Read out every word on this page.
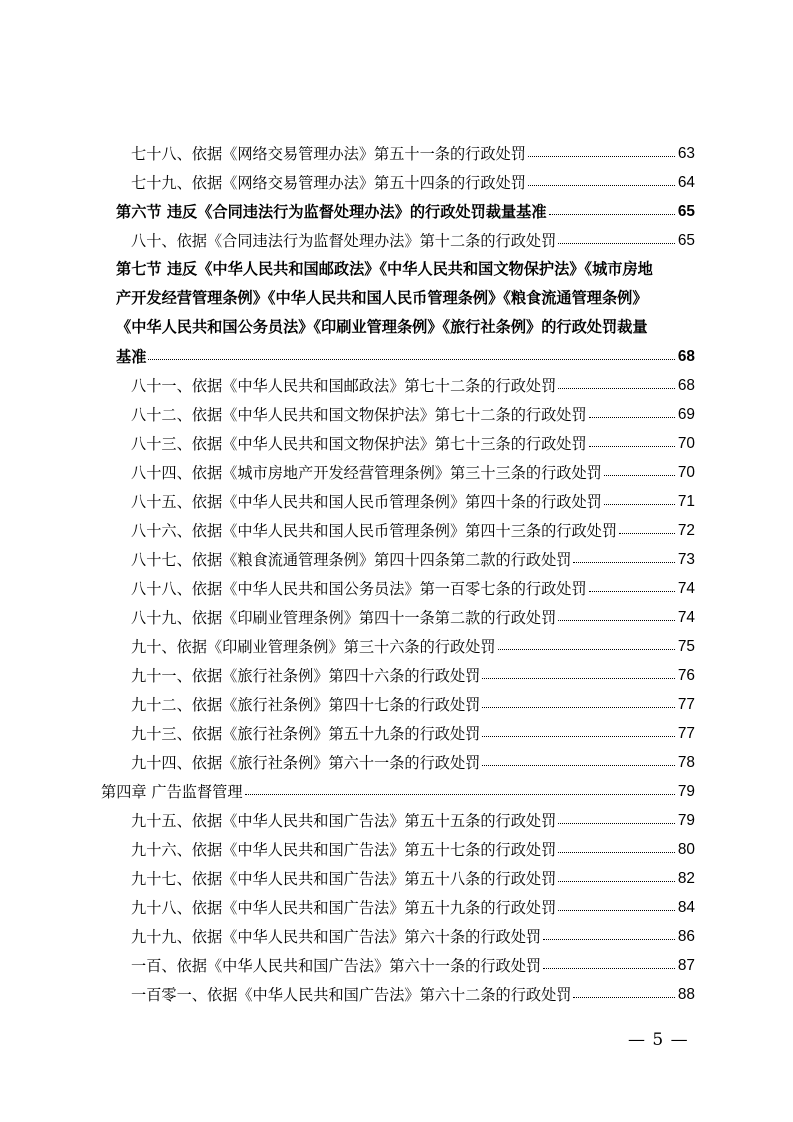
七十八、依据《网络交易管理办法》第五十一条的行政处罚	63
七十九、依据《网络交易管理办法》第五十四条的行政处罚	64
第六节 违反《合同违法行为监督处理办法》的行政处罚裁量基准	65
八十、依据《合同违法行为监督处理办法》第十二条的行政处罚	65
第七节 违反《中华人民共和国邮政法》《中华人民共和国文物保护法》《城市房地
产开发经营管理条例》《中华人民共和国人民币管理条例》《粮食流通管理条例》
《中华人民共和国公务员法》《印刷业管理条例》《旅行社条例》的行政处罚裁量
基准	68
八十一、依据《中华人民共和国邮政法》第七十二条的行政处罚	68
八十二、依据《中华人民共和国文物保护法》第七十二条的行政处罚	69
八十三、依据《中华人民共和国文物保护法》第七十三条的行政处罚	70
八十四、依据《城市房地产开发经营管理条例》第三十三条的行政处罚	70
八十五、依据《中华人民共和国人民币管理条例》第四十条的行政处罚	71
八十六、依据《中华人民共和国人民币管理条例》第四十三条的行政处罚	72
八十七、依据《粮食流通管理条例》第四十四条第二款的行政处罚	73
八十八、依据《中华人民共和国公务员法》第一百零七条的行政处罚	74
八十九、依据《印刷业管理条例》第四十一条第二款的行政处罚	74
九十、依据《印刷业管理条例》第三十六条的行政处罚	75
九十一、依据《旅行社条例》第四十六条的行政处罚	76
九十二、依据《旅行社条例》第四十七条的行政处罚	77
九十三、依据《旅行社条例》第五十九条的行政处罚	77
九十四、依据《旅行社条例》第六十一条的行政处罚	78
第四章 广告监督管理	79
九十五、依据《中华人民共和国广告法》第五十五条的行政处罚	79
九十六、依据《中华人民共和国广告法》第五十七条的行政处罚	80
九十七、依据《中华人民共和国广告法》第五十八条的行政处罚	82
九十八、依据《中华人民共和国广告法》第五十九条的行政处罚	84
九十九、依据《中华人民共和国广告法》第六十条的行政处罚	86
一百、依据《中华人民共和国广告法》第六十一条的行政处罚	87
一百零一、依据《中华人民共和国广告法》第六十二条的行政处罚	88
— 5 —
